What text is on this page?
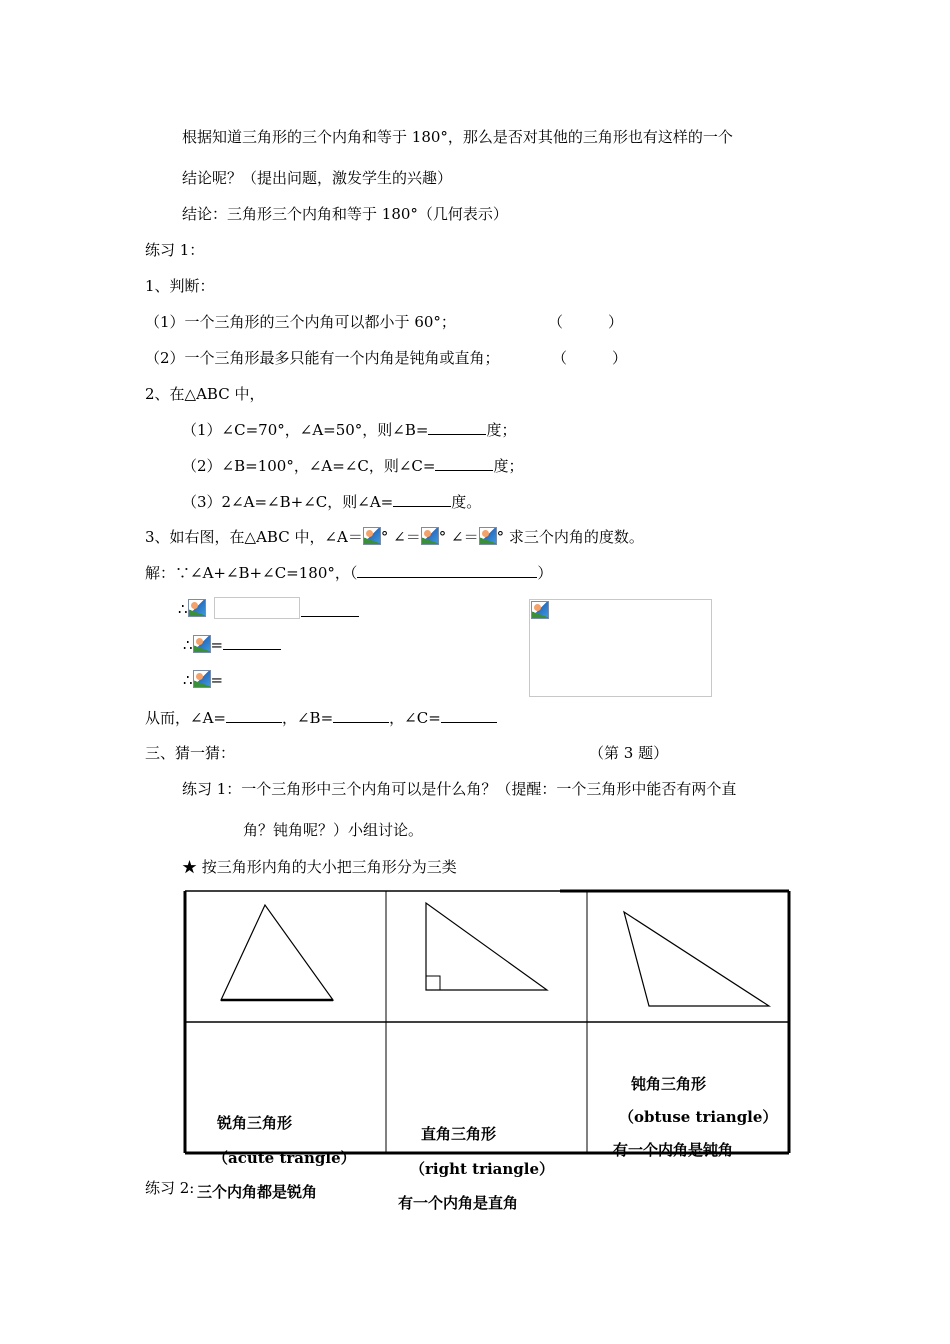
根据知道三角形的三个内角和等于 180°，那么是否对其他的三角形也有这样的一个
结论呢？（提出问题，激发学生的兴趣）
结论：三角形三个内角和等于 180°（几何表示）
练习 1：
1、判断：
（1）一个三角形的三个内角可以都小于 60°；	（　　　）
（2）一个三角形最多只能有一个内角是钝角或直角；	（　　　）
2、在△ABC 中，
（1）∠C=70°，∠A=50°，则∠B=	度；
（2）∠B=100°，∠A=∠C，则∠C=	度；
（3）2∠A=∠B+∠C，则∠A=	度。
3、如右图，在△ABC 中，∠A＝ ° ∠＝ ° ∠＝ ° 求三个内角的度数。
解：∵∠A+∠B+∠C=180°，（	）
∴
∴ =
∴ =
从而，∠A=	，∠B=	，∠C=
三、猜一猜：	（第 3 题）
练习 1：一个三角形中三个内角可以是什么角？（提醒：一个三角形中能否有两个直
角？钝角呢？）小组讨论。
★ 按三角形内角的大小把三角形分为三类
锐角三角形
（acute trangle）
三个内角都是锐角
直角三角形
（right triangle）
有一个内角是直角
钝角三角形
（obtuse triangle）
有一个内角是钝角
练习 2:
